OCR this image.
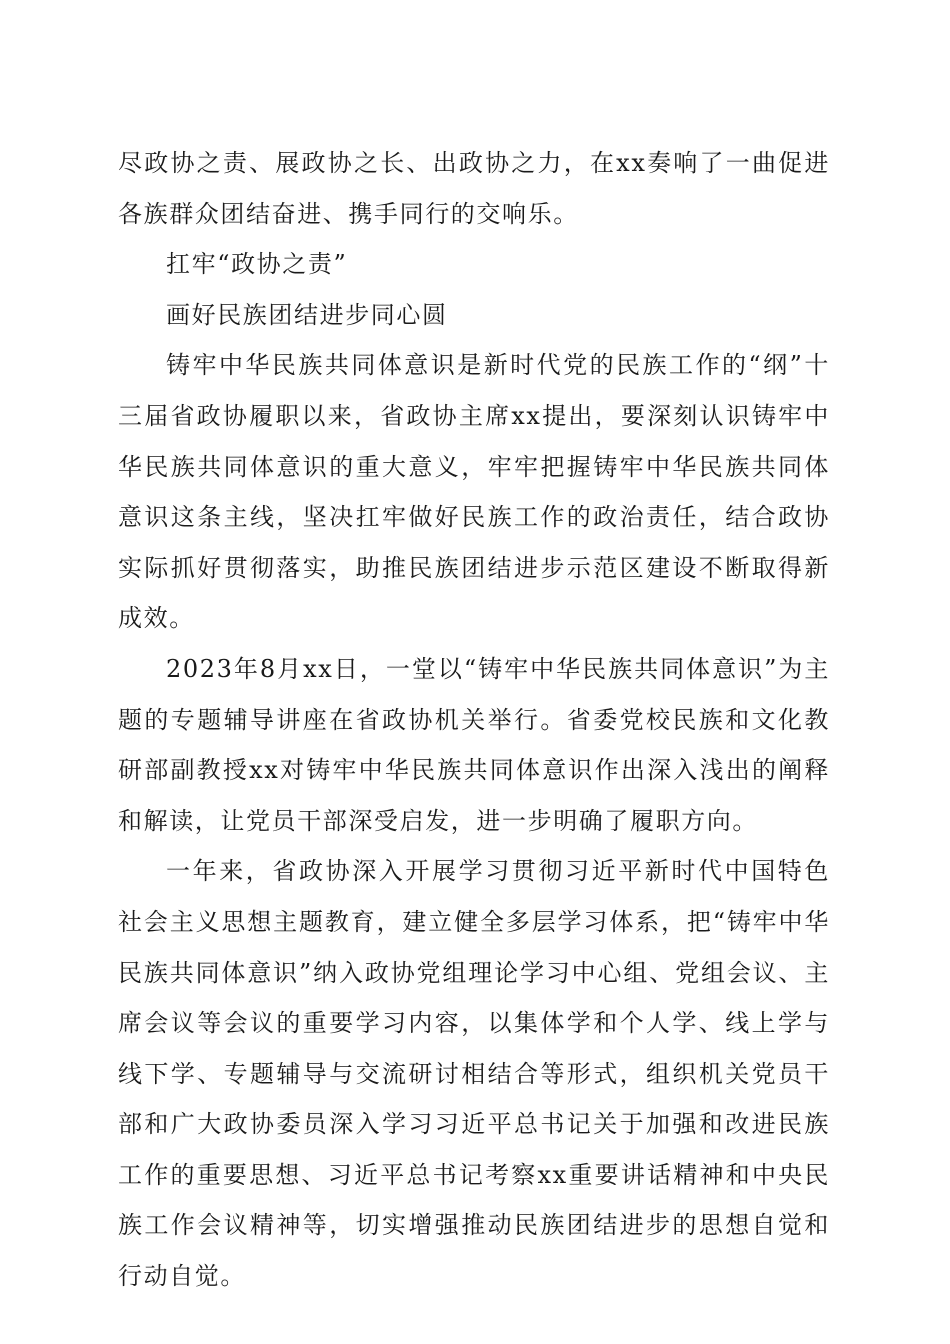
尽政协之责、展政协之长、出政协之力，在xx奏响了一曲促进各族群众团结奋进、携手同行的交响乐。

扛牢“政协之责”

画好民族团结进步同心圆

铸牢中华民族共同体意识是新时代党的民族工作的“纲”十三届省政协履职以来，省政协主席xx提出，要深刻认识铸牢中华民族共同体意识的重大意义，牢牢把握铸牢中华民族共同体意识这条主线，坚决扛牢做好民族工作的政治责任，结合政协实际抓好贯彻落实，助推民族团结进步示范区建设不断取得新成效。

2023年8月xx日，一堂以“铸牢中华民族共同体意识”为主题的专题辅导讲座在省政协机关举行。省委党校民族和文化教研部副教授xx对铸牢中华民族共同体意识作出深入浅出的阐释和解读，让党员干部深受启发，进一步明确了履职方向。

一年来，省政协深入开展学习贯彻习近平新时代中国特色社会主义思想主题教育，建立健全多层学习体系，把“铸牢中华民族共同体意识”纳入政协党组理论学习中心组、党组会议、主席会议等会议的重要学习内容，以集体学和个人学、线上学与线下学、专题辅导与交流研讨相结合等形式，组织机关党员干部和广大政协委员深入学习习近平总书记关于加强和改进民族工作的重要思想、习近平总书记考察xx重要讲话精神和中央民族工作会议精神等，切实增强推动民族团结进步的思想自觉和行动自觉。
